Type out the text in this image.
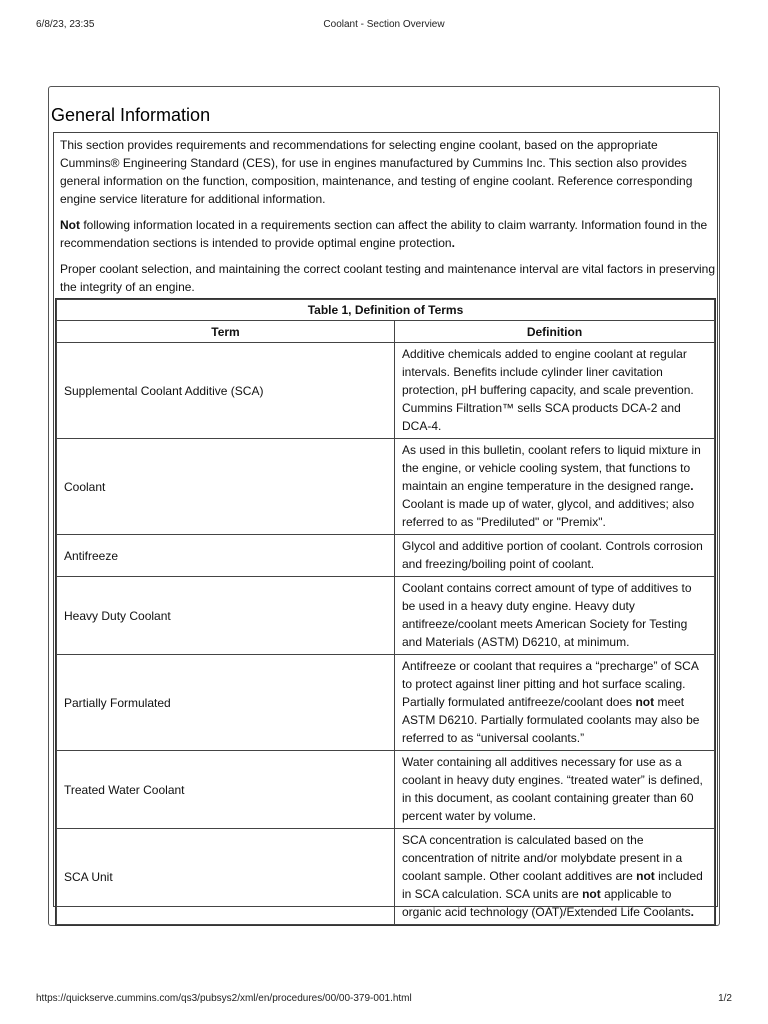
6/8/23, 23:35	Coolant - Section Overview
General Information

This section provides requirements and recommendations for selecting engine coolant, based on the appropriate Cummins® Engineering Standard (CES), for use in engines manufactured by Cummins Inc. This section also provides general information on the function, composition, maintenance, and testing of engine coolant. Reference corresponding engine service literature for additional information.

Not following information located in a requirements section can affect the ability to claim warranty. Information found in the recommendation sections is intended to provide optimal engine protection.

Proper coolant selection, and maintaining the correct coolant testing and maintenance interval are vital factors in preserving the integrity of an engine.

Table 1, Definition of Terms	
Term	Definition
Supplemental Coolant Additive (SCA)	Additive chemicals added to engine coolant at regular intervals. Benefits include cylinder liner cavitation protection, pH buffering capacity, and scale prevention. Cummins Filtration™ sells SCA products DCA-2 and DCA-4.
Coolant	As used in this bulletin, coolant refers to liquid mixture in the engine, or vehicle cooling system, that functions to maintain an engine temperature in the designed range. Coolant is made up of water, glycol, and additives; also referred to as "Prediluted" or "Premix".
Antifreeze	Glycol and additive portion of coolant. Controls corrosion and freezing/boiling point of coolant.
Heavy Duty Coolant	Coolant contains correct amount of type of additives to be used in a heavy duty engine. Heavy duty antifreeze/coolant meets American Society for Testing and Materials (ASTM) D6210, at minimum.
Partially Formulated	Antifreeze or coolant that requires a “precharge” of SCA to protect against liner pitting and hot surface scaling. Partially formulated antifreeze/coolant does not meet ASTM D6210. Partially formulated coolants may also be referred to as “universal coolants.”
Treated Water Coolant	Water containing all additives necessary for use as a coolant in heavy duty engines. “treated water” is defined, in this document, as coolant containing greater than 60 percent water by volume.
SCA Unit	SCA concentration is calculated based on the concentration of nitrite and/or molybdate present in a coolant sample. Other coolant additives are not included in SCA calculation. SCA units are not applicable to organic acid technology (OAT)/Extended Life Coolants.
https://quickserve.cummins.com/qs3/pubsys2/xml/en/procedures/00/00-379-001.html	1/2
